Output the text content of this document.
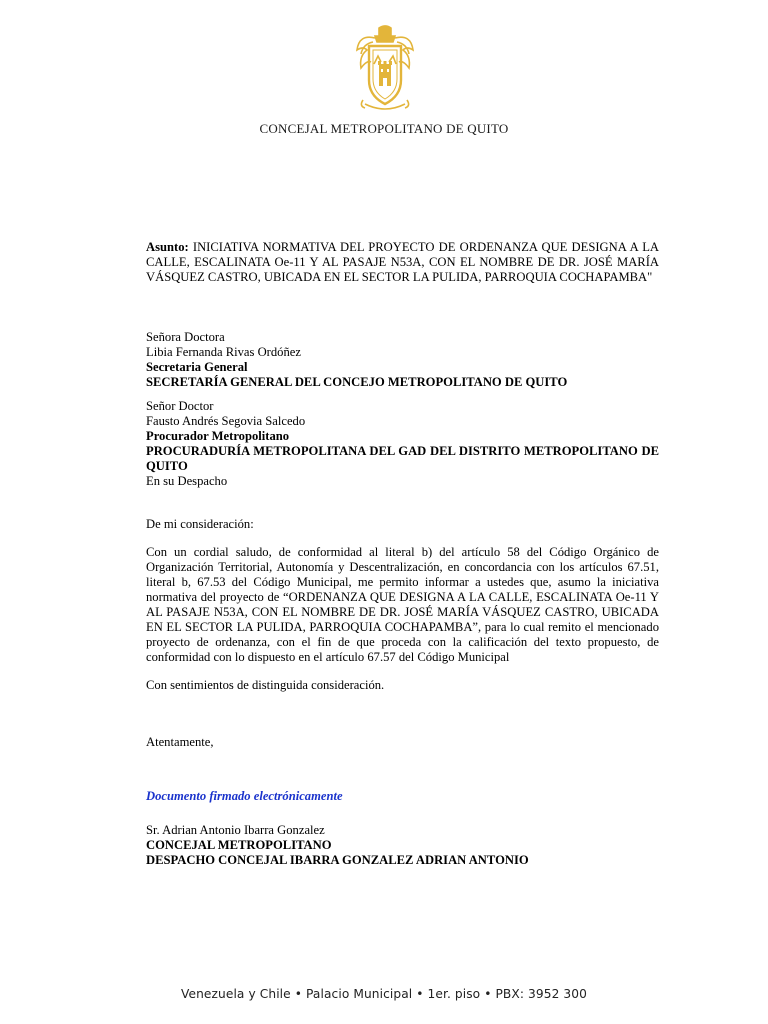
CONCEJAL METROPOLITANO DE QUITO

Asunto: INICIATIVA NORMATIVA DEL PROYECTO DE ORDENANZA QUE DESIGNA A LA CALLE, ESCALINATA Oe-11 Y AL PASAJE N53A, CON EL NOMBRE DE DR. JOSÉ MARÍA VÁSQUEZ CASTRO, UBICADA EN EL SECTOR LA PULIDA, PARROQUIA COCHAPAMBA"

Señora Doctora
Libia Fernanda Rivas Ordóñez
Secretaria General
SECRETARÍA GENERAL DEL CONCEJO METROPOLITANO DE QUITO
Señor Doctor
Fausto Andrés Segovia Salcedo
Procurador Metropolitano
PROCURADURÍA METROPOLITANA DEL GAD DEL DISTRITO METROPOLITANO DE QUITO
En su Despacho
De mi consideración:
Con un cordial saludo, de conformidad al literal b) del artículo 58 del Código Orgánico de Organización Territorial, Autonomía y Descentralización, en concordancia con los artículos 67.51, literal b, 67.53 del Código Municipal, me permito informar a ustedes que, asumo la iniciativa normativa del proyecto de “ORDENANZA QUE DESIGNA A LA CALLE, ESCALINATA Oe-11 Y AL PASAJE N53A, CON EL NOMBRE DE DR. JOSÉ MARÍA VÁSQUEZ CASTRO, UBICADA EN EL SECTOR LA PULIDA, PARROQUIA COCHAPAMBA”, para lo cual remito el mencionado proyecto de ordenanza, con el fin de que proceda con la calificación del texto propuesto, de conformidad con lo dispuesto en el artículo 67.57 del Código Municipal
Con sentimientos de distinguida consideración.
Atentamente,
Documento firmado electrónicamente
Sr. Adrian Antonio Ibarra Gonzalez
CONCEJAL METROPOLITANO
DESPACHO CONCEJAL IBARRA GONZALEZ ADRIAN ANTONIO
Venezuela y Chile • Palacio Municipal • 1er. piso • PBX: 3952 300
